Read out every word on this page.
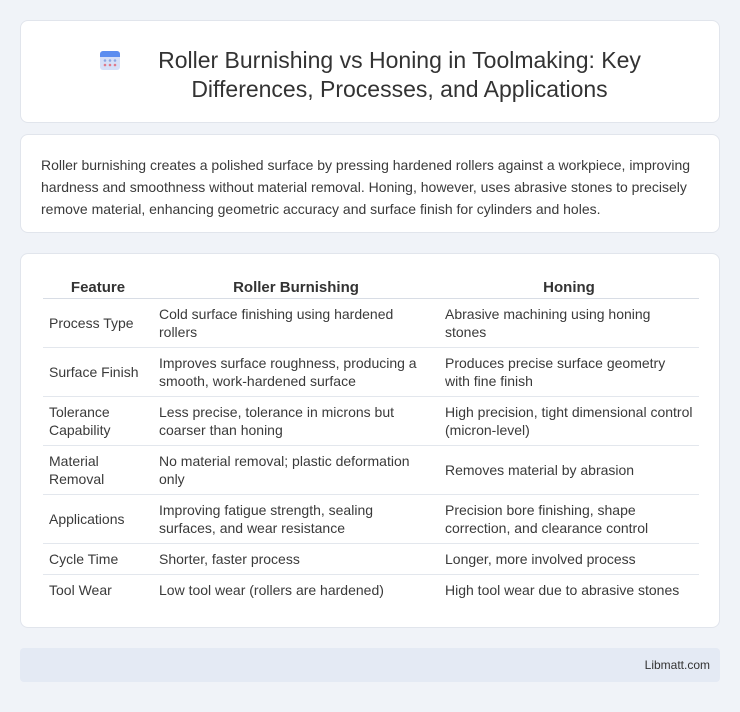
Roller Burnishing vs Honing in Toolmaking: Key Differences, Processes, and Applications

Roller burnishing creates a polished surface by pressing hardened rollers against a workpiece, improving hardness and smoothness without material removal. Honing, however, uses abrasive stones to precisely remove material, enhancing geometric accuracy and surface finish for cylinders and holes.

Feature	Roller Burnishing	Honing
Process Type	Cold surface finishing using hardened rollers	Abrasive machining using honing stones
Surface Finish	Improves surface roughness, producing a smooth, work-hardened surface	Produces precise surface geometry with fine finish
Tolerance Capability	Less precise, tolerance in microns but coarser than honing	High precision, tight dimensional control (micron-level)
Material Removal	No material removal; plastic deformation only	Removes material by abrasion
Applications	Improving fatigue strength, sealing surfaces, and wear resistance	Precision bore finishing, shape correction, and clearance control
Cycle Time	Shorter, faster process	Longer, more involved process
Tool Wear	Low tool wear (rollers are hardened)	High tool wear due to abrasive stones
Libmatt.com
